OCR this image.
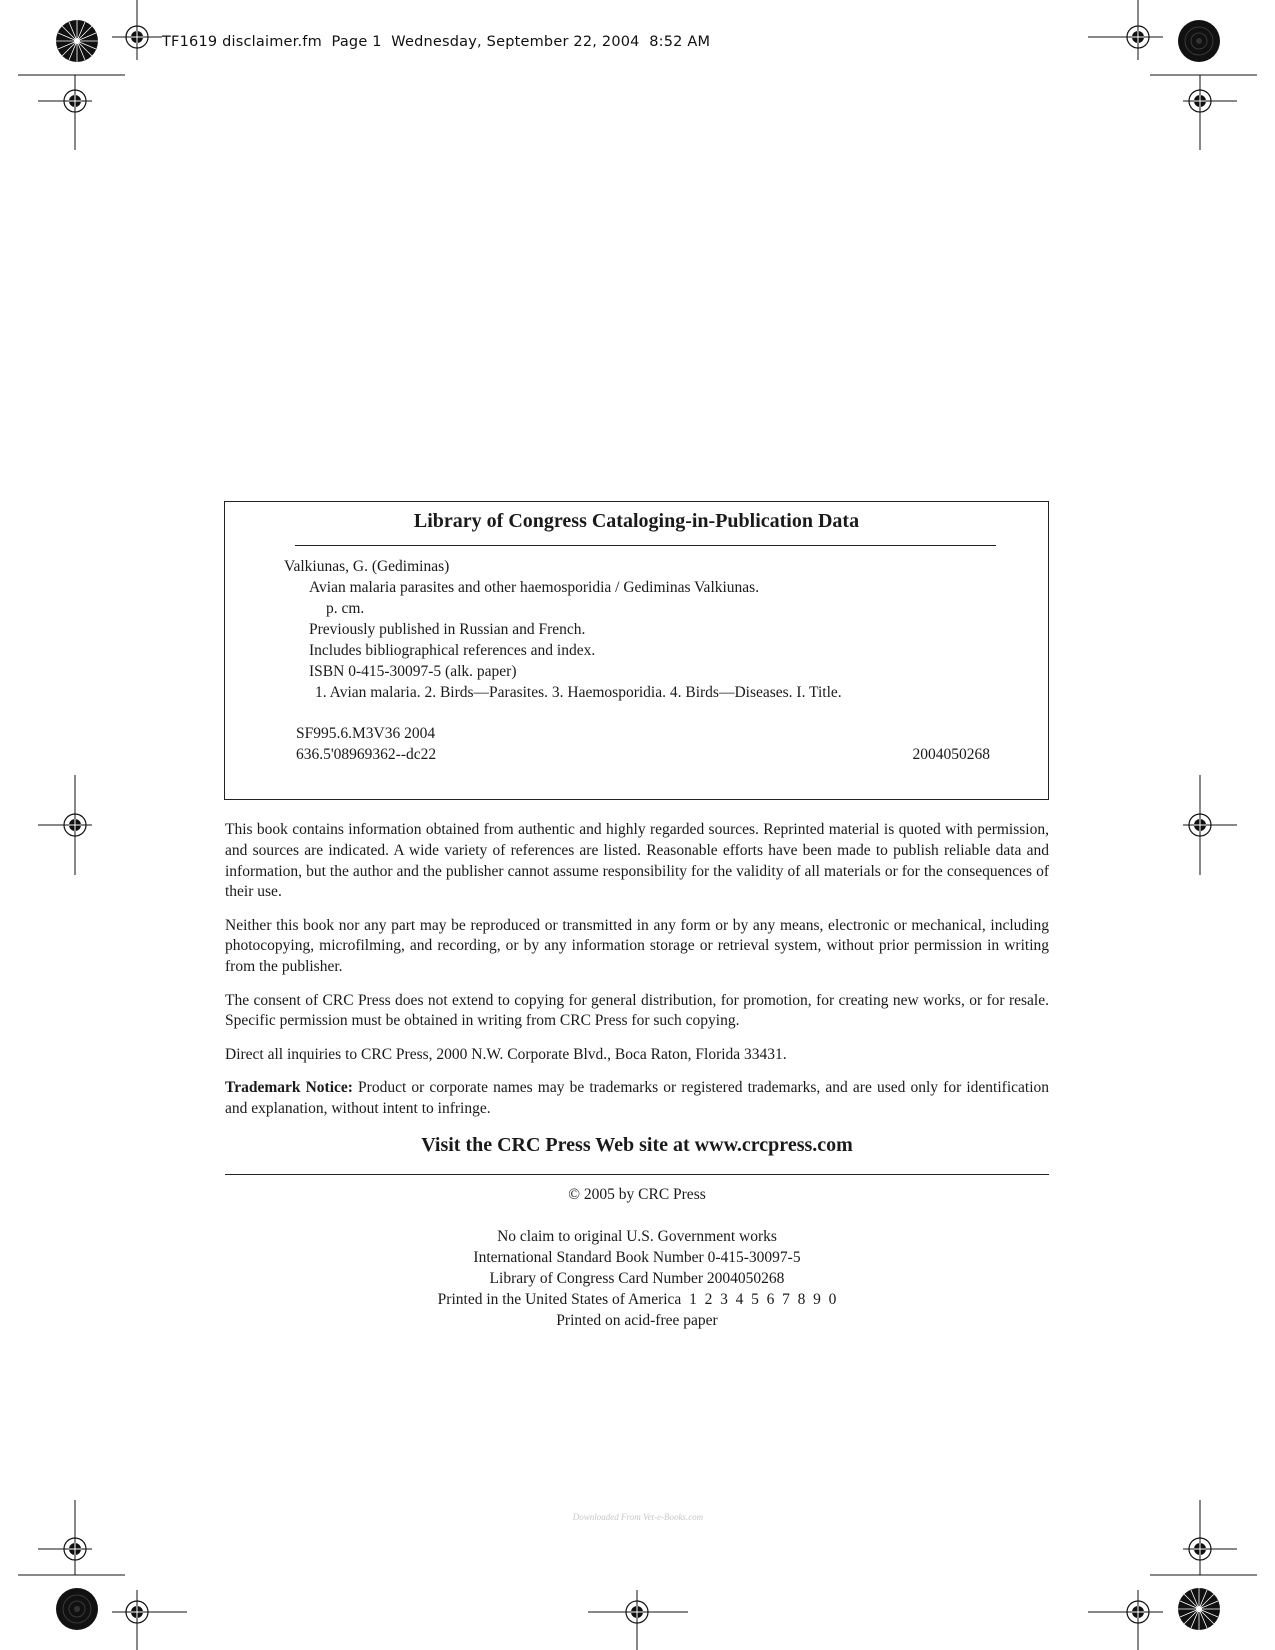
TF1619 disclaimer.fm  Page 1  Wednesday, September 22, 2004  8:52 AM
Library of Congress Cataloging-in-Publication Data
Valkiunas, G. (Gediminas)
Avian malaria parasites and other haemosporidia / Gediminas Valkiunas.
p. cm.
Previously published in Russian and French.
Includes bibliographical references and index.
ISBN 0-415-30097-5 (alk. paper)
1. Avian malaria. 2. Birds—Parasites. 3. Haemosporidia. 4. Birds—Diseases. I. Title.
SF995.6.M3V36 2004
636.5'08969362--dc22	2004050268

This book contains information obtained from authentic and highly regarded sources. Reprinted material is quoted with permission, and sources are indicated. A wide variety of references are listed. Reasonable efforts have been made to publish reliable data and information, but the author and the publisher cannot assume responsibility for the validity of all materials or for the consequences of their use.

Neither this book nor any part may be reproduced or transmitted in any form or by any means, electronic or mechanical, including photocopying, microfilming, and recording, or by any information storage or retrieval system, without prior permission in writing from the publisher.

The consent of CRC Press does not extend to copying for general distribution, for promotion, for creating new works, or for resale. Specific permission must be obtained in writing from CRC Press for such copying.

Direct all inquiries to CRC Press, 2000 N.W. Corporate Blvd., Boca Raton, Florida 33431.

Trademark Notice: Product or corporate names may be trademarks or registered trademarks, and are used only for identification and explanation, without intent to infringe.

Visit the CRC Press Web site at www.crcpress.com
© 2005 by CRC Press
No claim to original U.S. Government works
International Standard Book Number 0-415-30097-5
Library of Congress Card Number 2004050268
Printed in the United States of America  1  2  3  4  5  6  7  8  9  0
Printed on acid-free paper
Downloaded From Vet-e-Books.com
